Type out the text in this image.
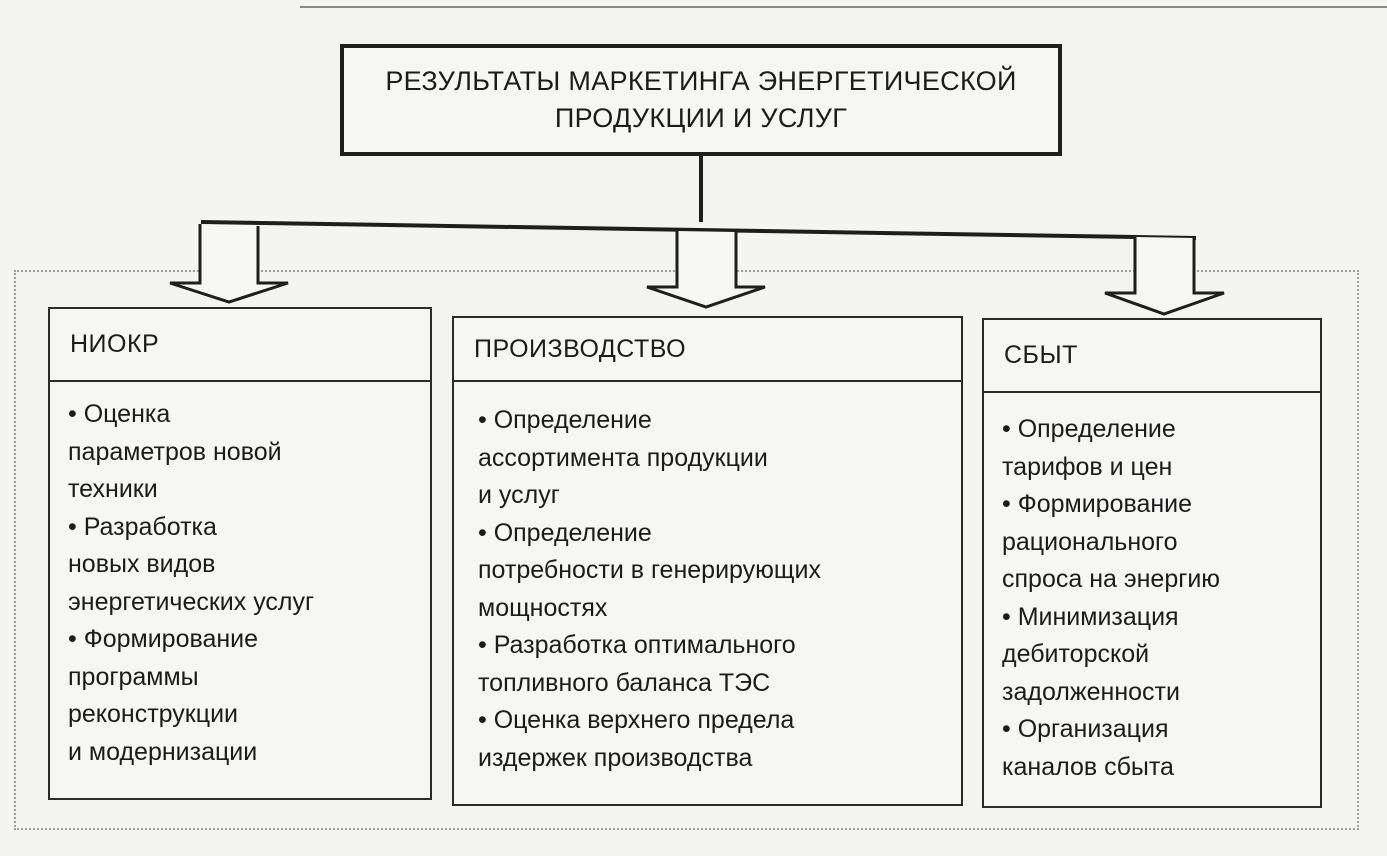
РЕЗУЛЬТАТЫ МАРКЕТИНГА ЭНЕРГЕТИЧЕСКОЙ
ПРОДУКЦИИ И УСЛУГ
НИОКР
• Оценка
параметров новой
техники
• Разработка
новых видов
энергетических услуг
• Формирование
программы
реконструкции
и модернизации
ПРОИЗВОДСТВО
• Определение
ассортимента продукции
и услуг
• Определение
потребности в генерирующих
мощностях
• Разработка оптимального
топливного баланса ТЭС
• Оценка верхнего предела
издержек производства
СБЫТ
• Определение
тарифов и цен
• Формирование
рационального
спроса на энергию
• Минимизация
дебиторской
задолженности
• Организация
каналов сбыта
